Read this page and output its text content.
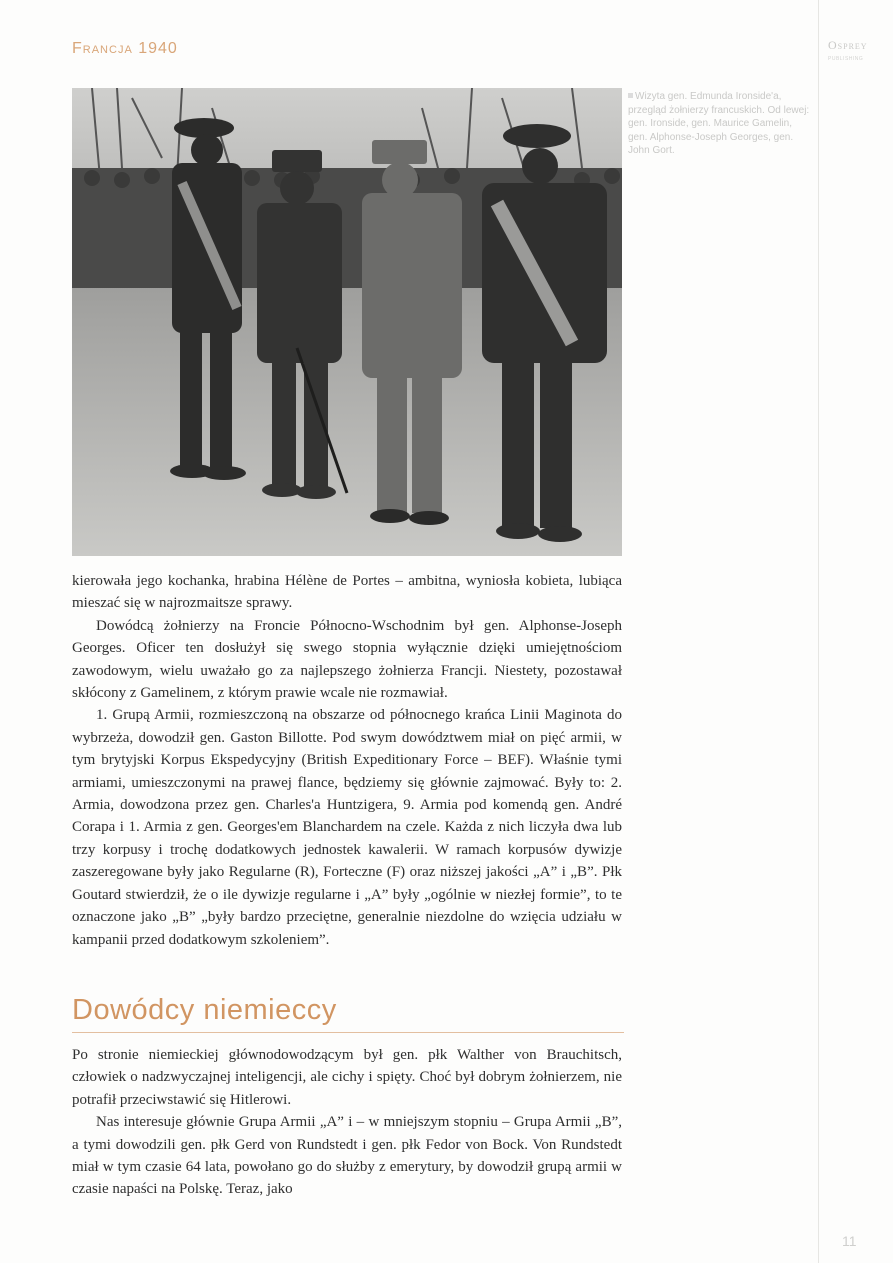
Francja 1940	Osprey
PUBLISHING
Wizyta gen. Edmunda Ironside'a, przegląd żołnierzy francuskich. Od lewej: gen. Ironside, gen. Maurice Gamelin, gen. Alphonse-Joseph Georges, gen. John Gort.

kierowała jego kochanka, hrabina Hélène de Portes – ambitna, wyniosła kobieta, lubiąca mieszać się w najrozmaitsze sprawy.

Dowódcą żołnierzy na Froncie Północno-Wschodnim był gen. Alphonse-Joseph Georges. Oficer ten dosłużył się swego stopnia wyłącznie dzięki umiejętnościom zawodowym, wielu uważało go za najlepszego żołnierza Francji. Niestety, pozostawał skłócony z Gamelinem, z którym prawie wcale nie rozmawiał.

1. Grupą Armii, rozmieszczoną na obszarze od północnego krańca Linii Maginota do wybrzeża, dowodził gen. Gaston Billotte. Pod swym dowództwem miał on pięć armii, w tym brytyjski Korpus Ekspedycyjny (British Expeditionary Force – BEF). Właśnie tymi armiami, umieszczonymi na prawej flance, będziemy się głównie zajmować. Były to: 2. Armia, dowodzona przez gen. Charles'a Huntzigera, 9. Armia pod komendą gen. André Corapa i 1. Armia z gen. Georges'em Blanchardem na czele. Każda z nich liczyła dwa lub trzy korpusy i trochę dodatkowych jednostek kawalerii. W ramach korpusów dywizje zaszeregowane były jako Regularne (R), Forteczne (F) oraz niższej jakości „A” i „B”. Płk Goutard stwierdził, że o ile dywizje regularne i „A” były „ogólnie w niezłej formie”, to te oznaczone jako „B” „były bardzo przeciętne, generalnie niezdolne do wzięcia udziału w kampanii przed dodatkowym szkoleniem”.

Dowódcy niemieccy

Po stronie niemieckiej głównodowodzącym był gen. płk Walther von Brauchitsch, człowiek o nadzwyczajnej inteligencji, ale cichy i spięty. Choć był dobrym żołnierzem, nie potrafił przeciwstawić się Hitlerowi.

Nas interesuje głównie Grupa Armii „A” i – w mniejszym stopniu – Grupa Armii „B”, a tymi dowodzili gen. płk Gerd von Rundstedt i gen. płk Fedor von Bock. Von Rundstedt miał w tym czasie 64 lata, powołano go do służby z emerytury, by dowodził grupą armii w czasie napaści na Polskę. Teraz, jako

11
